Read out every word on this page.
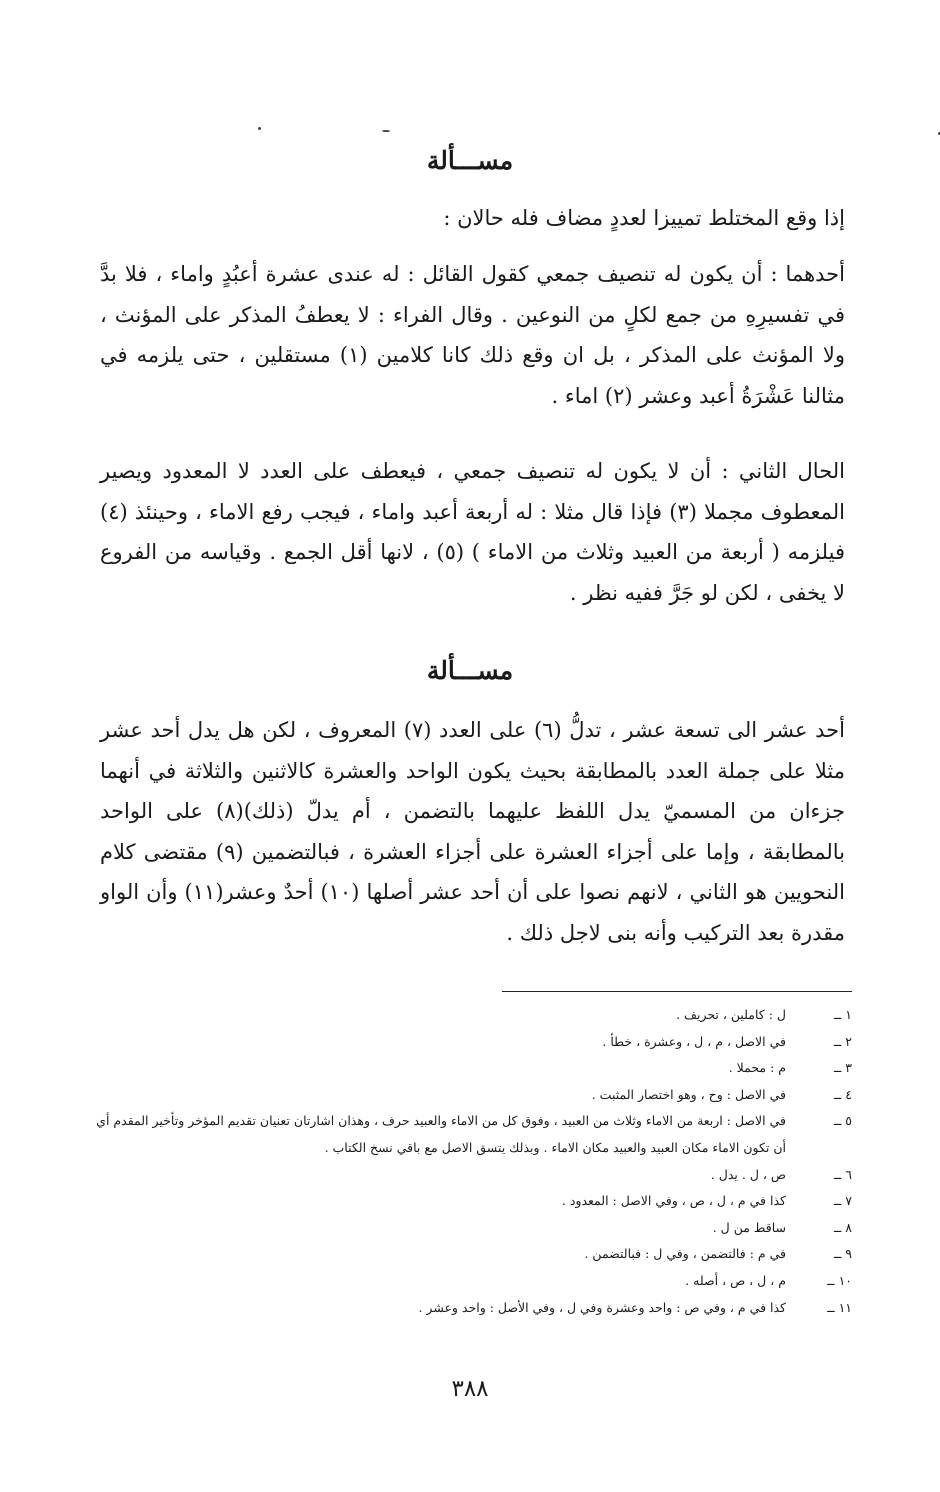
مســـألة
إذا وقع المختلط تمييزا لعددٍ مضاف فله حالان :
أحدهما : أن يكون له تنصيف جمعي كقول القائل : له عندى عشرة أعبُدٍ واماء ، فلا بدَّ في تفسيرِهِ من جمع لكلٍ من النوعين . وقال الفراء : لا يعطفُ المذكر على المؤنث ، ولا المؤنث على المذكر ، بل ان وقع ذلك كانا كلامين (١) مستقلين ، حتى يلزمه في مثالنا عَشْرَةُ أعبد وعشر (٢) اماء .
الحال الثاني : أن لا يكون له تنصيف جمعي ، فيعطف على العدد لا المعدود ويصير المعطوف مجملا (٣) فإذا قال مثلا : له أربعة أعبد واماء ، فيجب رفع الاماء ، وحينئذ (٤) فيلزمه ( أربعة من العبيد وثلاث من الاماء ) (٥) ، لانها أقل الجمع . وقياسه من الفروع لا يخفى ، لكن لو جَرَّ ففيه نظر .
مســـألة
أحد عشر الى تسعة عشر ، تدلُّ (٦) على العدد (٧) المعروف ، لكن هل يدل أحد عشر مثلا على جملة العدد بالمطابقة بحيث يكون الواحد والعشرة كالاثنين والثلاثة في أنهما جزءان من المسميّ يدل اللفظ عليهما بالتضمن ، أم يدلّ (ذلك)(٨) على الواحد بالمطابقة ، وإما على أجزاء العشرة على أجزاء العشرة ، فبالتضمين (٩) مقتضى كلام النحويين هو الثاني ، لانهم نصوا على أن أحد عشر أصلها (١٠) أحدٌ وعشر(١١) وأن الواو مقدرة بعد التركيب وأنه بنى لاجل ذلك .
١ ــ
ل : كاملين ، تحريف .
٢ ــ
في الاصل ، م ، ل ، وعشرة ، خطأ .
٣ ــ
م : محملا .
٤ ــ
في الاصل : وح ، وهو اختصار المثبت .
٥ ــ
في الاصل : اربعة من الاماء وثلاث من العبيد ، وفوق كل من الاماء والعبيد حرف ، وهذان اشارتان تعنيان تقديم المؤخر وتأخير المقدم أي أن تكون الاماء مكان العبيد والعبيد مكان الاماء . وبذلك يتسق الاصل مع باقي نسخ الكتاب .
٦ ــ
ص ، ل . يدل .
٧ ــ
كذا في م ، ل ، ص ، وفي الاصل : المعدود .
٨ ــ
ساقط من ل .
٩ ــ
في م : فالتضمن ، وفي ل : فبالتضمن .
١٠ ــ
م ، ل ، ص ، أصله .
١١ ــ
كذا في م ، وفي ص : واحد وعشرة وفي ل ، وفي الأصل : واحد وعشر .
٣٨٨
